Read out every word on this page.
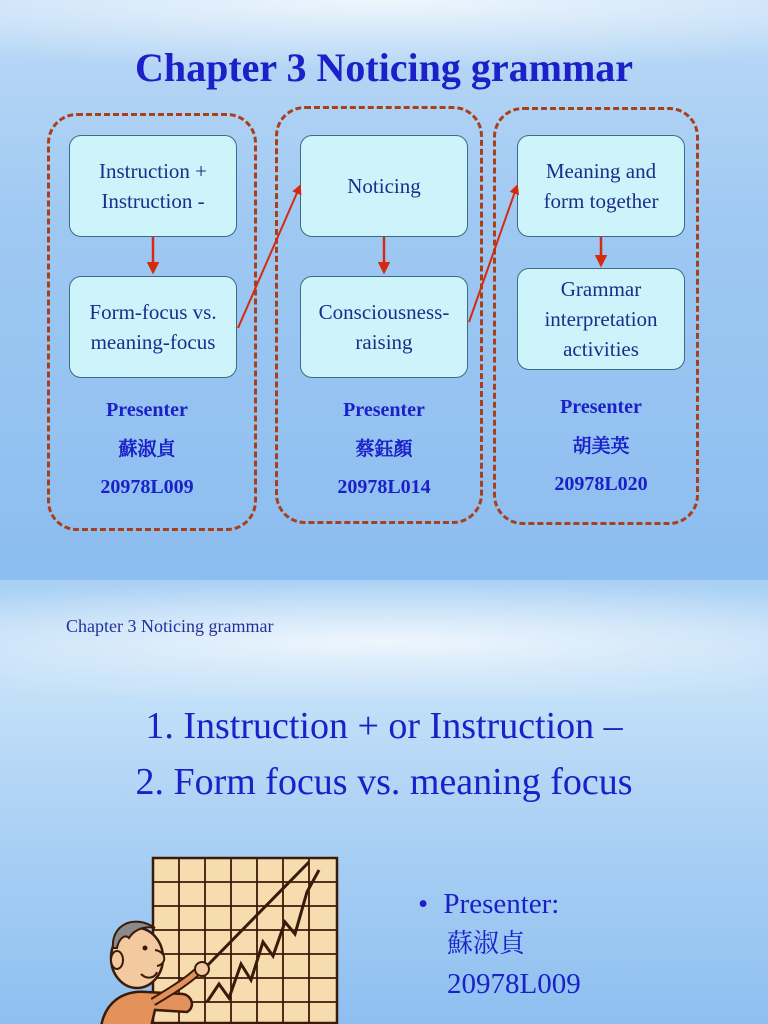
Chapter 3 Noticing grammar
Instruction +
Instruction -
Form-focus vs.
meaning-focus
Noticing
Consciousness-
raising
Meaning and
form together
Grammar
interpretation
activities
Presenter
蘇淑貞
20978L009
Presenter
蔡鈺顏
20978L014
Presenter
胡美英
20978L020
Chapter 3 Noticing grammar
1. Instruction + or Instruction –
2. Form focus vs. meaning focus
• Presenter:
蘇淑貞
20978L009
